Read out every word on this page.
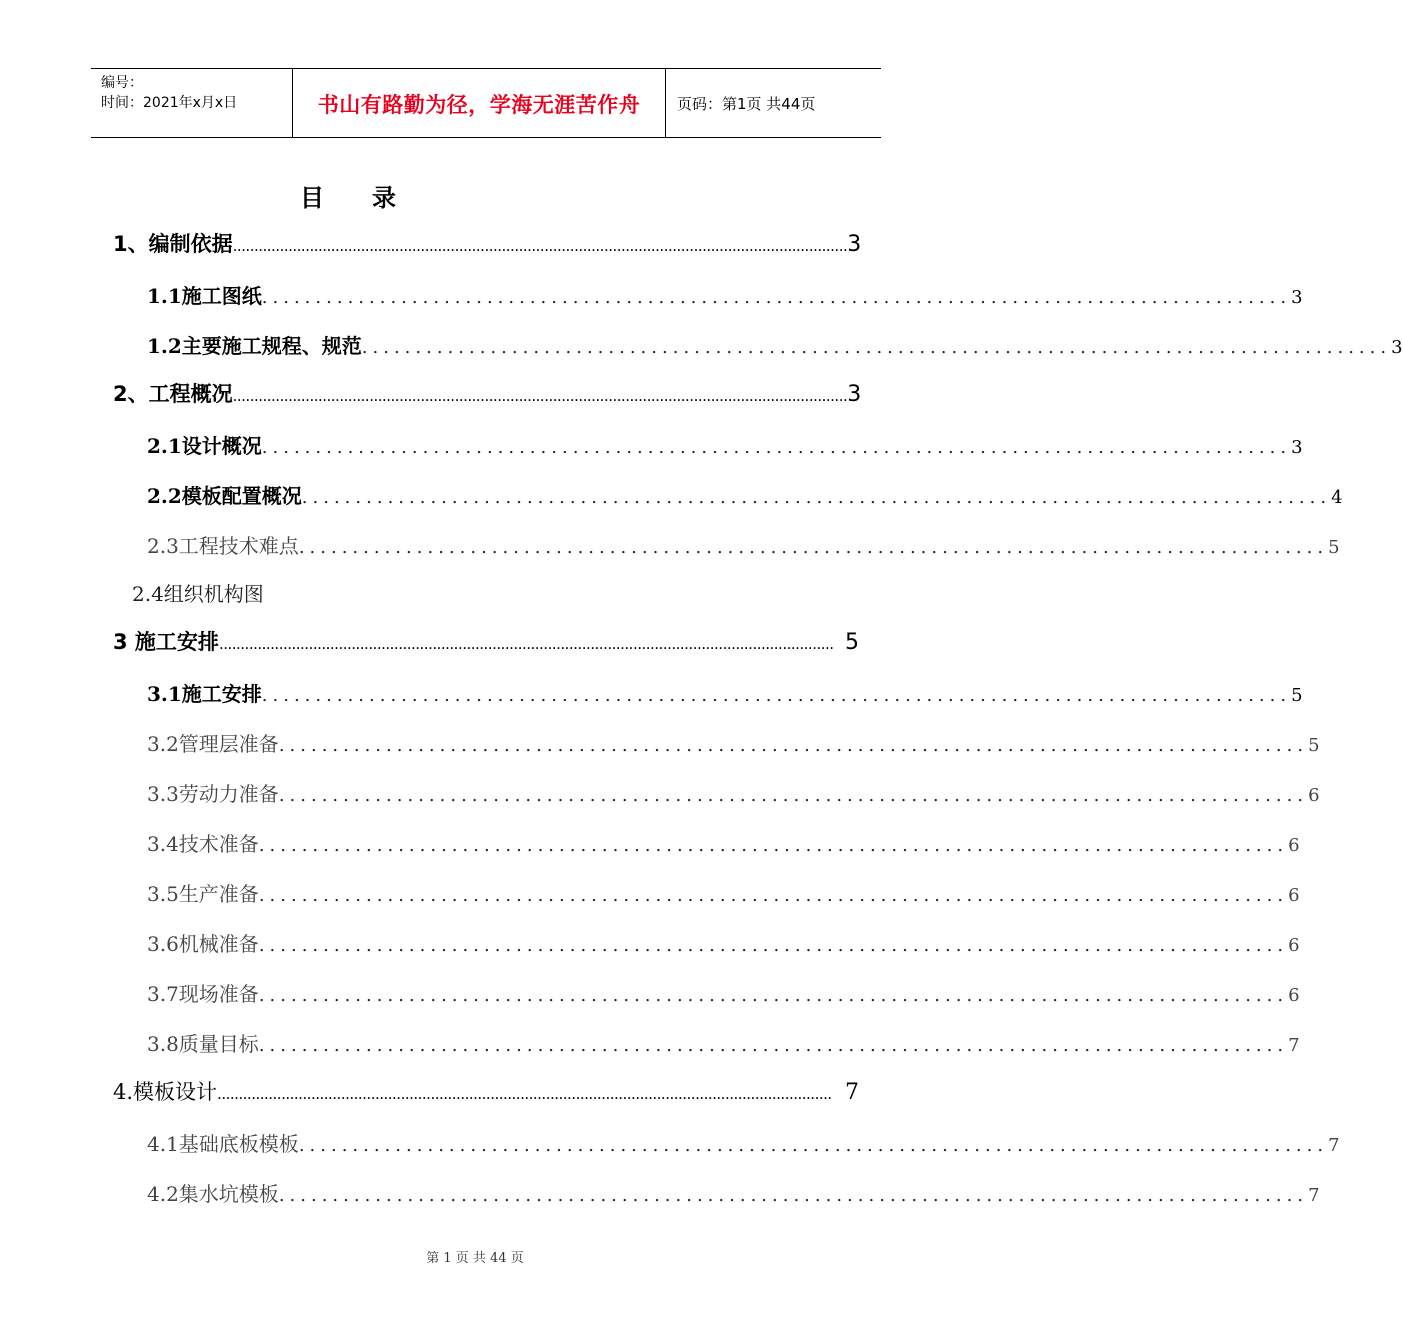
编号：
时间：2021年x月x日	书山有路勤为径，学海无涯苦作舟	页码：第1页 共44页
目录
1、编制依据 ................................................................................................................................................ 3
1.1施工图纸 ................................................................................................ 3
1.2主要施工规程、规范 ................................................................................................ 3
2、工程概况 ................................................................................................................................................ 3
2.1设计概况 ................................................................................................ 3
2.2模板配置概况 ................................................................................................ 4
2.3工程技术难点 ................................................................................................ 5
2.4组织机构图
3 施工安排 ................................................................................................................................................ 5
3.1施工安排 ................................................................................................ 5
3.2管理层准备 ................................................................................................ 5
3.3劳动力准备 ................................................................................................ 6
3.4技术准备 ................................................................................................ 6
3.5生产准备 ................................................................................................ 6
3.6机械准备 ................................................................................................ 6
3.7现场准备 ................................................................................................ 6
3.8质量目标 ................................................................................................ 7
4.模板设计 ................................................................................................................................................ 7
4.1基础底板模板 ................................................................................................ 7
4.2集水坑模板 ................................................................................................ 7
第 1 页 共 44 页
